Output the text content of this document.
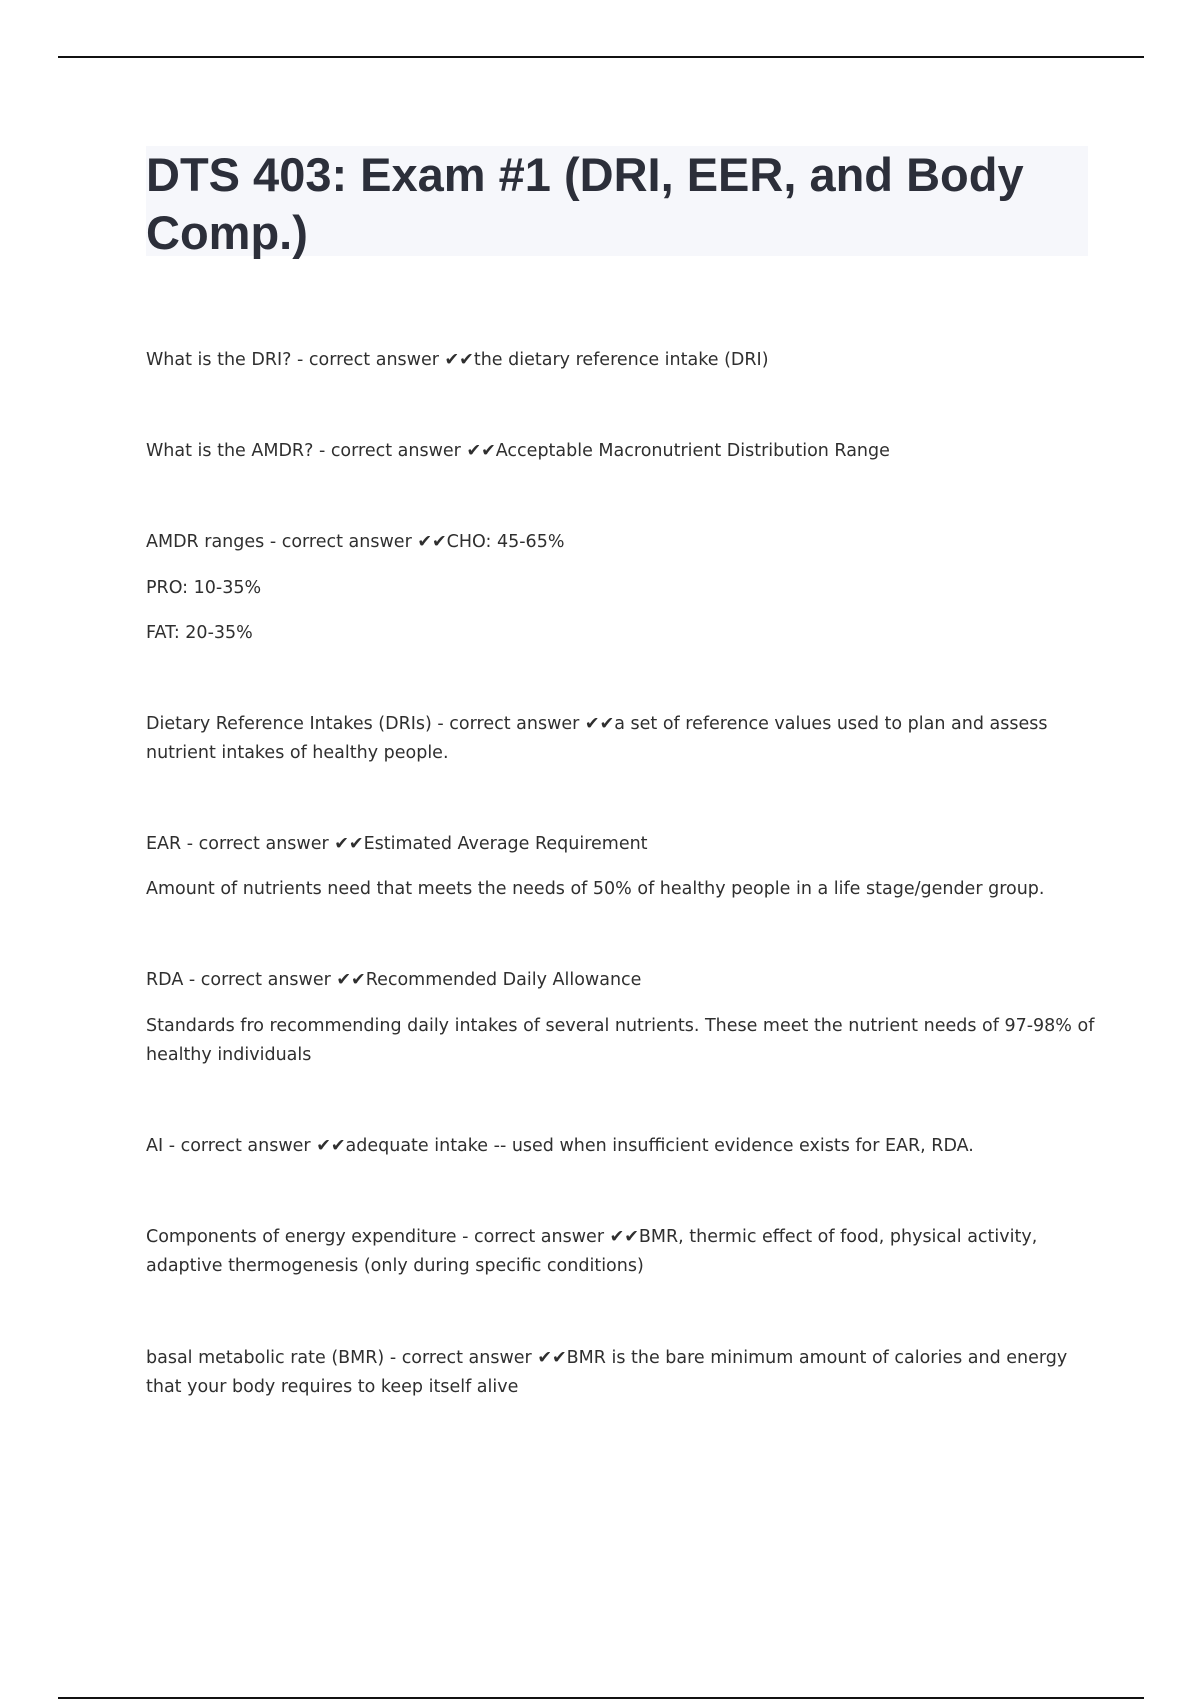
DTS 403: Exam #1 (DRI, EER, and Body Comp.)

What is the DRI? - correct answer ✔✔the dietary reference intake (DRI)

What is the AMDR? - correct answer ✔✔Acceptable Macronutrient Distribution Range

AMDR ranges - correct answer ✔✔CHO: 45-65%

PRO: 10-35%

FAT: 20-35%

Dietary Reference Intakes (DRIs) - correct answer ✔✔a set of reference values used to plan and assess nutrient intakes of healthy people.

EAR - correct answer ✔✔Estimated Average Requirement

Amount of nutrients need that meets the needs of 50% of healthy people in a life stage/gender group.

RDA - correct answer ✔✔Recommended Daily Allowance

Standards fro recommending daily intakes of several nutrients. These meet the nutrient needs of 97-98% of healthy individuals

AI - correct answer ✔✔adequate intake -- used when insufficient evidence exists for EAR, RDA.

Components of energy expenditure - correct answer ✔✔BMR, thermic effect of food, physical activity, adaptive thermogenesis (only during specific conditions)

basal metabolic rate (BMR) - correct answer ✔✔BMR is the bare minimum amount of calories and energy that your body requires to keep itself alive
